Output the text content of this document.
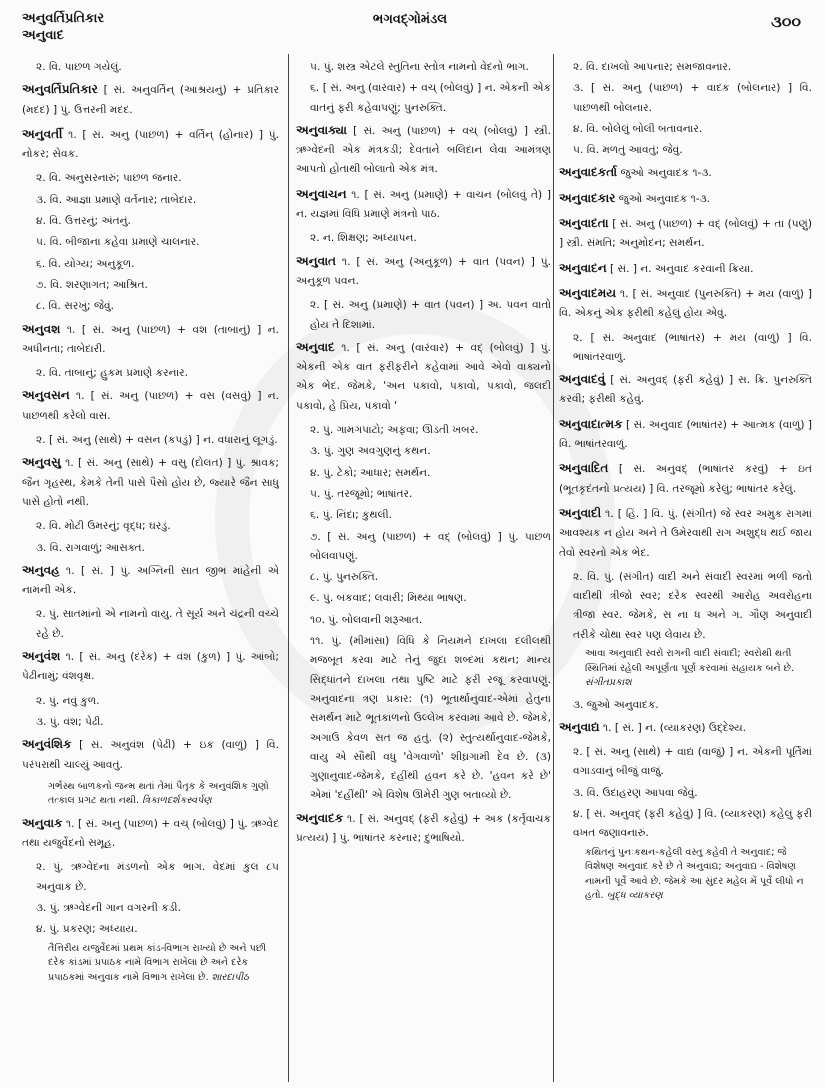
અનુવર્તિપ્રતિકાર
અનુવાદ
ભગવદ્ગોમંડલ	૩૦૦
૨. વિ. પાછળ ગયેલું.
અનુવર્તિપ્રતિકાર [ સં. અનુવર્તિન્ (આશ્રયનું) + પ્રતિકાર (મદદ) ] પું. ઉત્તરની મદદ.
અનુવર્તી ૧. [ સં. અનુ (પાછળ) + વર્તિન્ (હોનાર) ] પું. નોકર; સેવક.
૨. વિ. અનુસરનારું; પાછળ જનાર.
૩. વિ. આજ્ઞા પ્રમાણે વર્તનાર; તાબેદાર.
૪. વિ. ઉત્તરનું; અંતનું.
૫. વિ. બીજાના કહેવા પ્રમાણે ચાલનાર.
૬. વિ. યોગ્ય; અનુકૂળ.
૭. વિ. શરણાગત; આશ્રિત.
૮. વિ. સરખું; જેવું.
અનુવશ ૧. [ સં. અનુ (પાછળ) + વશ (તાબાનું) ] ન. અધીનતા; તાબેદારી.
૨. વિ. તાબાનું; હુકમ પ્રમાણે કરનાર.
અનુવસન ૧. [ સં. અનુ (પાછળ) + વસ (વસવું) ] ન. પાછળથી કરેલો વાસ.
૨. [ સં. અનુ (સાથે) + વસન (કપડું) ] ન. વધારાનું લૂગડું.
અનુવસુ ૧. [ સં. અનુ (સાથે) + વસુ (દોલત) ] પું. શ્રાવક; જૈન ગૃહસ્થ, કેમકે તેની પાસે પૈસો હોય છે, જ્યારે જૈન સાધુ પાસે હોતો નથી.
૨. વિ. મોટી ઉમરનું; વૃદ્ધ; ઘરડું.
૩. વિ. રાગવાળું; આસક્ત.
અનુવહ ૧. [ સં. ] પું. અગ્નિની સાત જીભ માંહેની એ નામની એક.
૨. પું. સાતમાંનો એ નામનો વાયુ. તે સૂર્ય અને ચંદ્રની વચ્ચે રહે છે.
અનુવંશ ૧. [ સં. અનુ (દરેક) + વંશ (કુળ) ] પું. આંબો; પેઢીનામું; વંશવૃક્ષ.
૨. પું. નવું કુળ.
૩. પું. વંશ; પેઢી.
અનુવંશિક [ સં. અનુવંશ (પેઢી) + ઇક (વાળું) ] વિ. પરંપરાથી ચાલ્યું આવતું.
ગર્ભસ્થ બાળકનો જન્મ થતાં તેમાં પૈતૃક કે અનુવંશિક ગુણો તત્કાલ પ્રગટ થતા નથી. ત્રિકાળદર્શકસ્વર્પણ
અનુવાક ૧. [ સં. અનુ (પાછળ) + વચ્ (બોલવું) ] પું. ઋગ્વેદ તથા યજુર્વેદનો સમૂહ.
૨. પું. ઋગ્વેદના મંડળનો એક ભાગ. વેદમાં કુલ ૮૫ અનુવાક છે.
૩. પું. ઋગ્વેદની ગાન વગરની કડી.
૪. પું. પ્રકરણ; અધ્યાય.
તૈત્તિરીય યજુર્વેદમાં પ્રથમ કાંડ-વિભાગ રાખ્યો છે અને પછી દરેક કાંડમાં પ્રપાઠક નામે વિભાગ રાખેલા છે અને દરેક પ્રપાઠકમાં અનુવાક નામે વિભાગ રાખેલા છે. શારદાપીઠ
૫. પું. શસ્ત્ર એટલે સ્તુતિના સ્તોત્ર નામનો વેદનો ભાગ.
૬. [ સં. અનુ (વારંવાર) + વચ્ (બોલવું) ] ન. એકની એક વાતનું ફરી કહેવાપણું; પુનરુક્તિ.
અનુવાક્યા [ સં. અનુ (પાછળ) + વચ્ (બોલવું) ] સ્ત્રી. ઋગ્વેદની એક મંત્રકડી; દેવતાને બલિદાન લેવા આમંત્રણ આપતો હોતાથી બોલાતો એક મંત્ર.
અનુવાચન ૧. [ સં. અનુ (પ્રમાણે) + વાચન (બોલવું તે) ] ન. યજ્ઞમાં વિધિ પ્રમાણે મંત્રનો પાઠ.
૨. ન. શિક્ષણ; અધ્યાપન.
અનુવાત ૧. [ સં. અનુ (અનુકૂળ) + વાત (પવન) ] પું. અનુકૂળ પવન.
૨. [ સં. અનુ (પ્રમાણે) + વાત (પવન) ] અ. પવન વાતો હોય તે દિશામાં.
અનુવાદ ૧. [ સં. અનુ (વારંવાર) + વદ્ (બોલવું) ] પું. એકની એક વાત ફરીફરીને કહેવામાં આવે એવો વાક્યનો એક ભેદ. જેમકે, 'અન પકાવો, પકાવો, પકાવો, જલદી પકાવો, હે પ્રિય, પકાવો '
૨. પું. ગામગપાટો; અફવા; ઊડતી ખબર.
૩. પું. ગુણ અવગુણનું કથન.
૪. પું. ટેકો; આધાર; સમર્થન.
૫. પું. તરજૂમો; ભાષાંતર.
૬. પું. નિંદા; કુથલી.
૭. [ સં. અનુ (પાછળ) + વદ્ (બોલવું) ] પું. પાછળ બોલવાપણું.
૮. પું. પુનરુક્તિ.
૯. પું. બકવાદ; લવારી; મિથ્યા ભાષણ.
૧૦. પું. બોલવાની શરૂઆત.
૧૧. પું. (મીમાંસા) વિધિ કે નિયમને દાખલા દલીલથી મજબૂત કરવા માટે તેનું જુદા શબ્દમાં કથન; માન્ય સિદ્ધાંતને દાખલા તથા પુષ્ટિ માટે ફરી રજૂ કરવાપણું. અનુવાદના ત્રણ પ્રકાર: (૧) ભૂતાર્થાનુવાદ-એમાં હેતુના સમર્થન માટે ભૂતકાળનો ઉલ્લેખ કરવામાં આવે છે. જેમકે, અગાઉ કેવળ સત જ હતું. (૨) સ્તુત્યર્થાનુવાદ-જેમકે, વાયુ એ સૌથી વધુ 'વેગવાળો' શીઘ્રગામી દેવ છે. (૩) ગુણાનુવાદ-જેમકે, દહીંથી હવન કરે છે. 'હવન કરે છે' એમાં 'દહીંથી' એ વિશેષ ઊમેરી ગુણ બતાવ્યો છે.
અનુવાદક ૧. [ સં. અનુવદ્ (ફરી કહેવું) + અક (કર્તૃવાચક પ્રત્યય) ] પું. ભાષાંતર કરનાર; દુભાષિયો.
૨. વિ. દાખલો આપનાર; સમજાવનાર.
૩. [ સં. અનુ (પાછળ) + વાદક (બોલનાર) ] વિ. પાછળથી બોલનાર.
૪. વિ. બોલેલું બોલી બતાવનાર.
૫. વિ. મળતું આવતું; જેવું.
અનુવાદકર્તા જુઓ અનુવાદક ૧-૩.
અનુવાદકાર જુઓ અનુવાદક ૧-૩.
અનુવાદતા [ સં. અનુ (પાછળ) + વદ્ (બોલવું) + તા (પણું) ] સ્ત્રી. સંમતિ; અનુમોદન; સમર્થન.
અનુવાદન [ સં. ] ન. અનુવાદ કરવાની ક્રિયા.
અનુવાદમય ૧. [ સં. અનુવાદ (પુનરુક્તિ) + મય (વાળું) ] વિ. એકનું એક ફરીથી કહેલું હોય એવું.
૨. [ સં. અનુવાદ (ભાષાંતર) + મય (વાળું) ] વિ. ભાષાંતરવાળું.
અનુવાદવું [ સં. અનુવદ્ (ફરી કહેવું) ] સ. ક્રિ. પુનરુક્તિ કરવી; ફરીથી કહેવું.
અનુવાદાત્મક [ સં. અનુવાદ (ભાષાંતર) + આત્મક (વાળું) ] વિ. ભાષાંતરવાળું.
અનુવાદિત [ સં. અનુવદ્ (ભાષાંતર કરવું) + ઇત (ભૂતકૃદંતનો પ્રત્યય) ] વિ. તરજૂમો કરેલું; ભાષાંતર કરેલું.
અનુવાદી ૧. [ હિં. ] વિ. પું. (સંગીત) જે સ્વર અમુક રાગમાં આવશ્યક ન હોય અને તે ઉમેરવાથી રાગ અશુદ્ધ થઈ જાય તેવો સ્વરનો એક ભેદ.
૨. વિ. પું. (સંગીત) વાદી અને સંવાદી સ્વરમાં ભળી જતો વાદીથી ત્રીજો સ્વર; દરેક સ્વરથી આરોહ અવરોહના ત્રીજા સ્વર. જેમકે, સ ના ધ અને ગ. ગૌણ અનુવાદી તરીકે ચોથા સ્વર પણ લેવાય છે.
આવા અનુવાદી સ્વરો રાગની વાદી સંવાદી; સ્વરોથી થતી સ્થિતિમાં રહેલી અપૂર્ણતા પૂર્ણ કરવામાં સહાયક બને છે. સંગીતપ્રકાશ
૩. જુઓ અનુવાદક.
અનુવાદ્ય ૧. [ સં. ] ન. (વ્યાકરણ) ઉદ્દેશ્ય.
૨. [ સં. અનુ (સાથે) + વાદ્ય (વાજું) ] ન. એકની પૂર્તિમાં વગાડવાનું બીજું વાજું.
૩. વિ. ઉદાહરણ આપવા જેવું.
૪. [ સં. અનુવદ્ (ફરી કહેવું) ] વિ. (વ્યાકરણ) કહેલું ફરી વખત જણાવનારું.
કથિતનું પુનઃકથન-કહેલી વસ્તુ કહેવી તે અનુવાદ; જે વિશેષણ અનુવાદ કરે છે તે અનુવાદ્ય; અનુવાદ્ય - વિશેષણ નામની પૂર્વે આવે છે. જેમકે આ સુંદર મહેલ મેં પૂર્વે લીધો ન હતો. બુદ્ધ વ્યાકરણ
